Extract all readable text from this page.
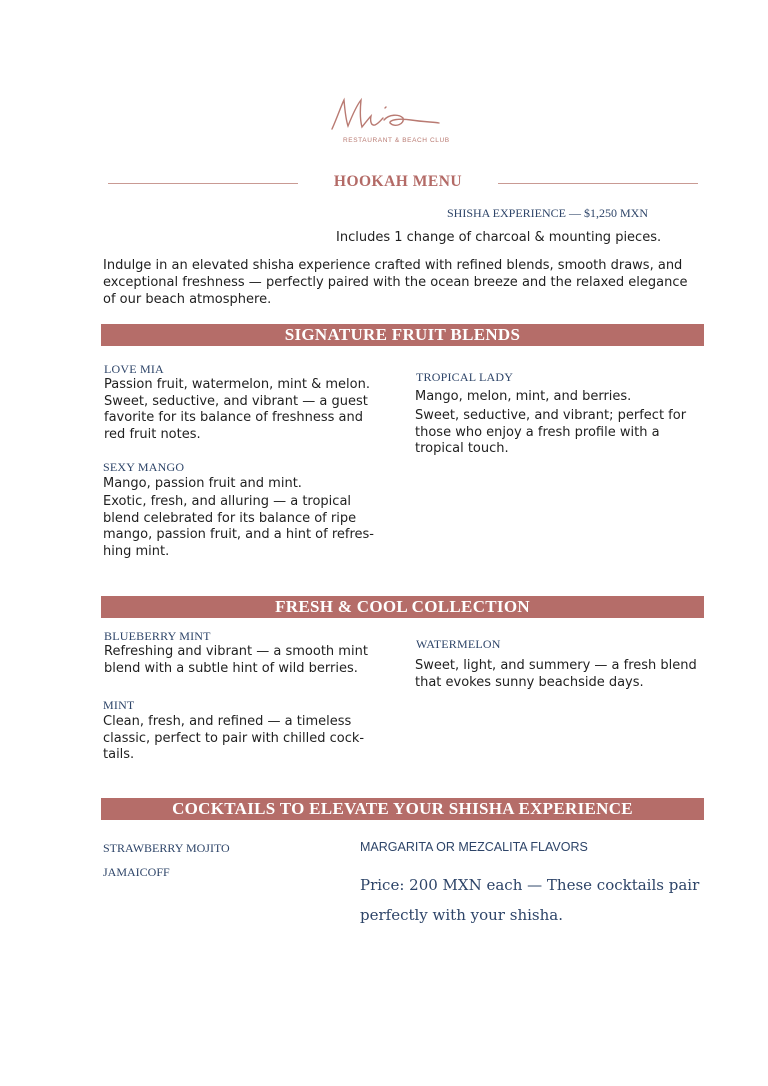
RESTAURANT & BEACH CLUB
HOOKAH MENU
SHISHA EXPERIENCE — $1,250 MXN
Includes 1 change of charcoal & mounting pieces.
Indulge in an elevated shisha experience crafted with refined blends, smooth draws, and exceptional freshness — perfectly paired with the ocean breeze and the relaxed elegance of our beach atmosphere.
SIGNATURE FRUIT BLENDS
LOVE MIA
Passion fruit, watermelon, mint & melon. Sweet, seductive, and vibrant — a guest favorite for its balance of freshness and red fruit notes.
SEXY MANGO
Mango, passion fruit and mint.
Exotic, fresh, and alluring — a tropical
blend celebrated for its balance of ripe
mango, passion fruit, and a hint of refres-
hing mint.
TROPICAL LADY
Mango, melon, mint, and berries.
Sweet, seductive, and vibrant; perfect for those who enjoy a fresh profile with a tropical touch.
FRESH & COOL COLLECTION
BLUEBERRY MINT
Refreshing and vibrant — a smooth mint blend with a subtle hint of wild berries.
MINT
Clean, fresh, and refined — a timeless
classic, perfect to pair with chilled cock-
tails.
WATERMELON
Sweet, light, and summery — a fresh blend that evokes sunny beachside days.
COCKTAILS TO ELEVATE YOUR SHISHA EXPERIENCE
STRAWBERRY MOJITO
JAMAICOFF
MARGARITA OR MEZCALITA FLAVORS
Price: 200 MXN each — These cocktails pair perfectly with your shisha.
